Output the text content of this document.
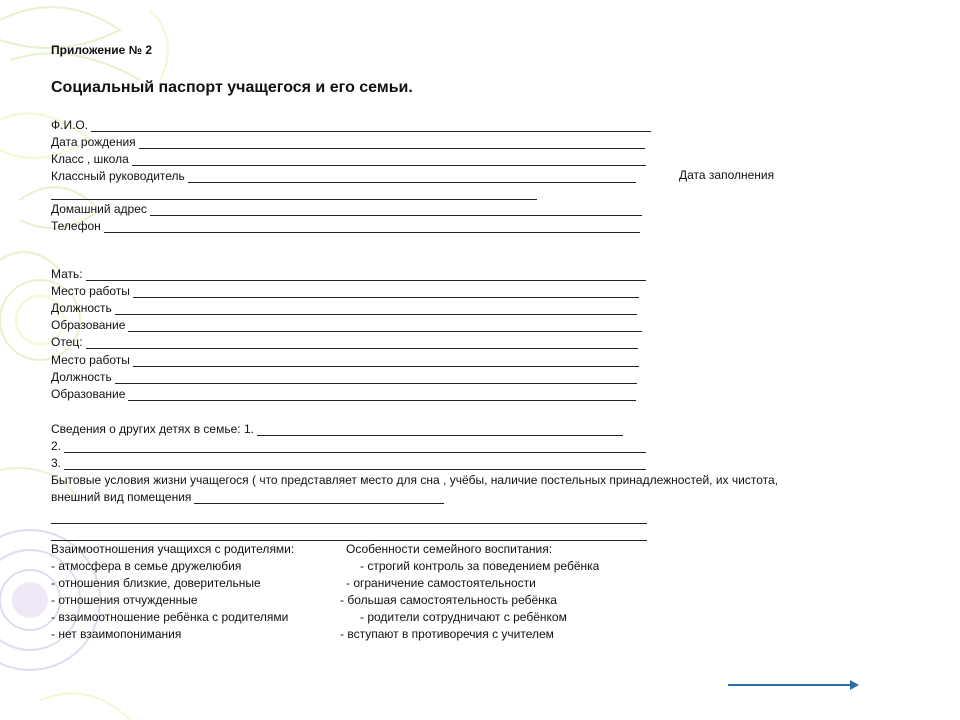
Приложение № 2
Социальный паспорт учащегося и его семьи.
Ф.И.О.
Дата рождения
Класс , школа
Классный руководитель	Дата заполнения
Домашний адрес
Телефон
Мать:
Место работы
Должность
Образование
Отец:
Место работы
Должность
Образование
Сведения о других детях в семье: 1.
2.
3.
Бытовые условия жизни учащегося ( что представляет место для сна , учёбы, наличие постельных принадлежностей, их чистота,
внешний вид помещения
Взаимоотношения учащихся с родителями:
- атмосфера в семье дружелюбия
- отношения близкие, доверительные
- отношения отчужденные
- взаимоотношение ребёнка с родителями
- нет взаимопонимания
Особенности семейного воспитания:
- строгий контроль за поведением ребёнка
- ограничение самостоятельности
- большая самостоятельность ребёнка
- родители сотрудничают с ребёнком
- вступают в противоречия с учителем
